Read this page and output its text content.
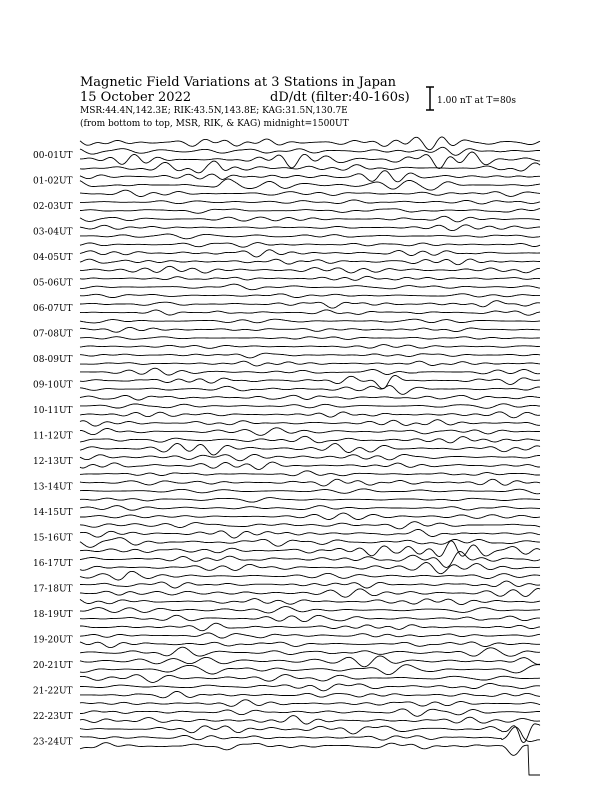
Magnetic Field Variations at 3 Stations in Japan
15 October 2022	dD/dt (filter:40-160s)
MSR:44.4N,142.3E; RIK:43.5N,143.8E; KAG:31.5N,130.7E
(from bottom to top, MSR, RIK, & KAG) midnight=1500UT
1.00 nT at T=80s
00-01UT
01-02UT
02-03UT
03-04UT
04-05UT
05-06UT
06-07UT
07-08UT
08-09UT
09-10UT
10-11UT
11-12UT
12-13UT
13-14UT
14-15UT
15-16UT
16-17UT
17-18UT
18-19UT
19-20UT
20-21UT
21-22UT
22-23UT
23-24UT
